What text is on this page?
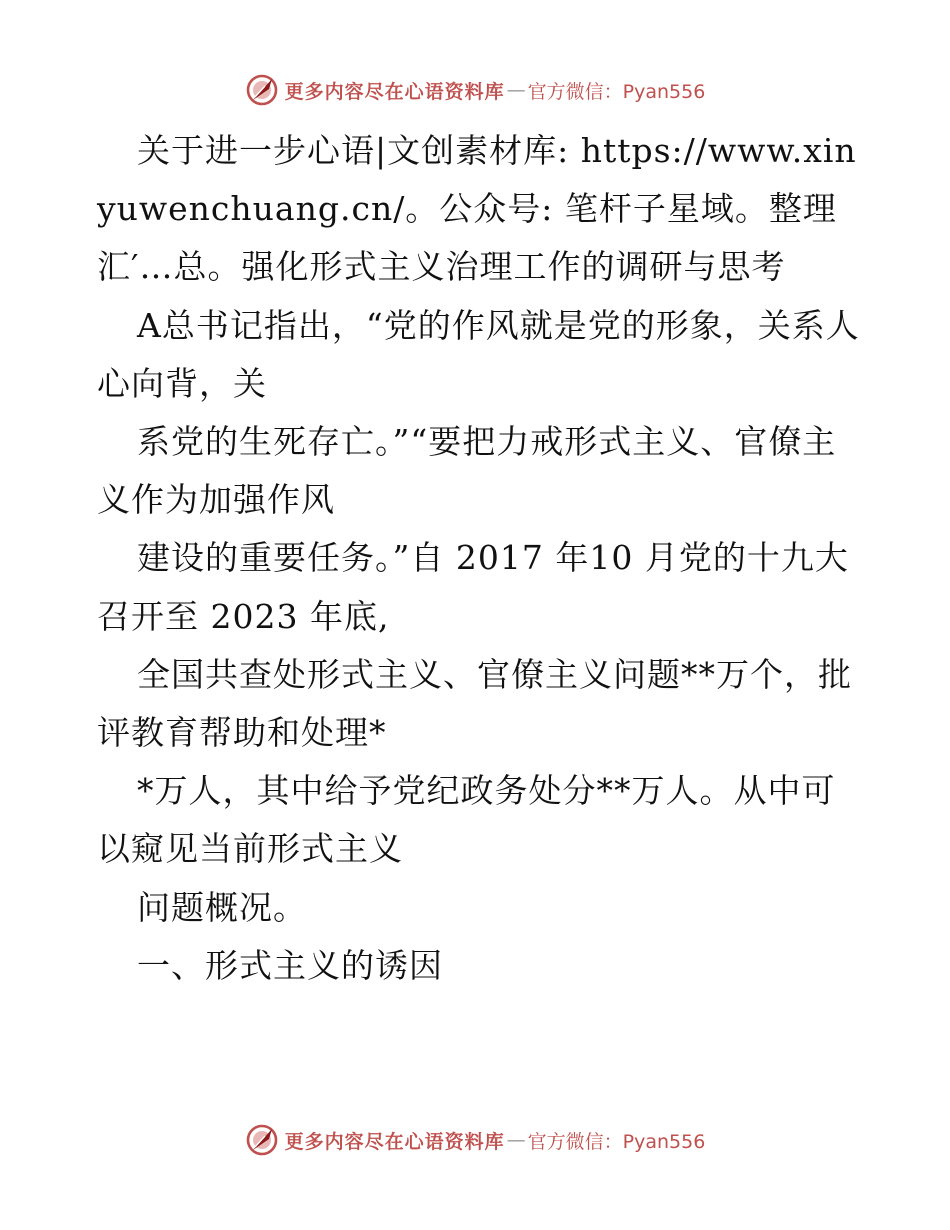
更多内容尽在心语资料库 — 官方微信：Pyan556

关于进一步心语|文创素材库: https://www.xinyuwenchuang.cn/。公众号: 笔杆子星域。整理汇′…总。强化形式主义治理工作的调研与思考

A总书记指出，“党的作风就是党的形象，关系人心向背，关

系党的生死存亡。”“要把力戒形式主义、官僚主义作为加强作风

建设的重要任务。”自 2017 年10 月党的十九大召开至 2023 年底,

全国共查处形式主义、官僚主义问题**万个，批评教育帮助和处理*

*万人，其中给予党纪政务处分**万人。从中可以窥见当前形式主义

问题概况。

一、形式主义的诱因

更多内容尽在心语资料库 — 官方微信：Pyan556
